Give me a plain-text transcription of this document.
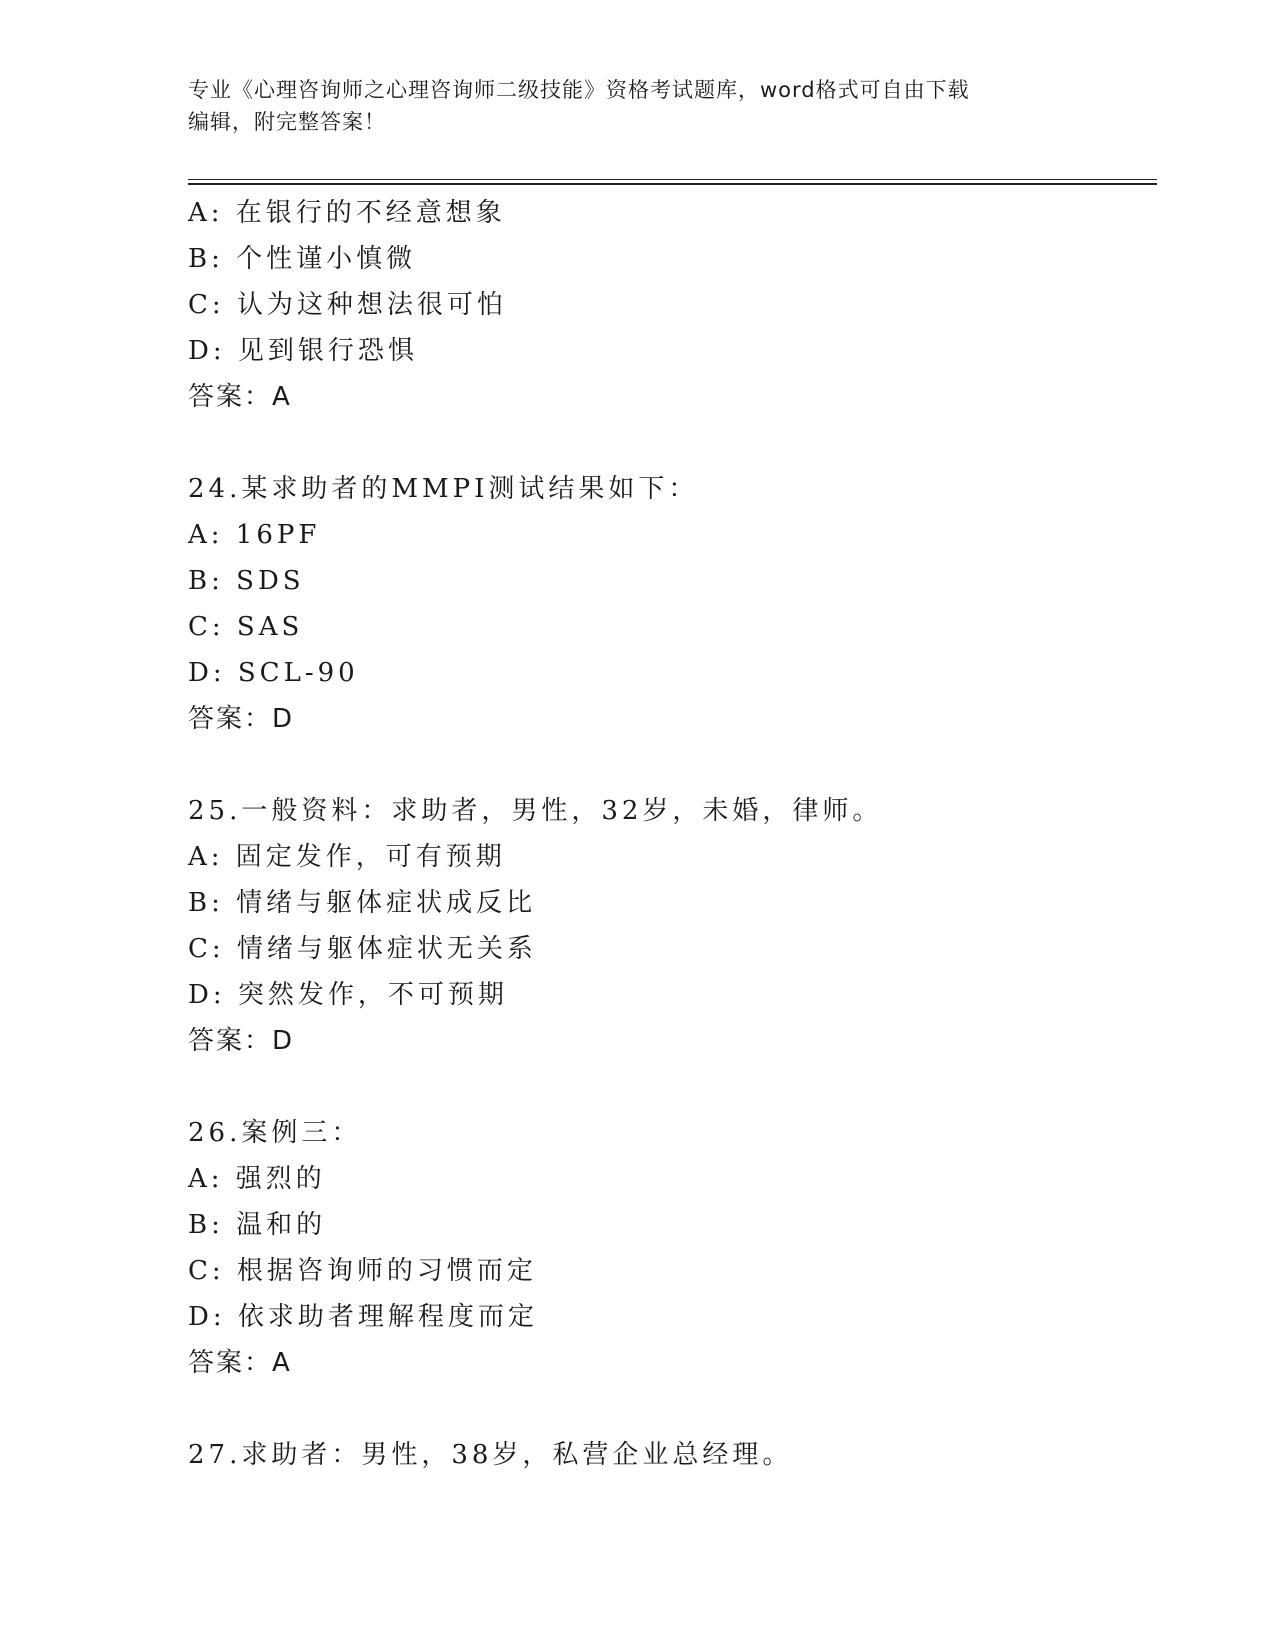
专业《心理咨询师之心理咨询师二级技能》资格考试题库，word格式可自由下载
编辑，附完整答案！
A: 在银行的不经意想象
B: 个性谨小慎微
C: 认为这种想法很可怕
D: 见到银行恐惧
答案：A
24.某求助者的MMPI测试结果如下：
A: 16PF
B: SDS
C: SAS
D: SCL-90
答案：D
25.一般资料：求助者，男性，32岁，未婚，律师。
A: 固定发作，可有预期
B: 情绪与躯体症状成反比
C: 情绪与躯体症状无关系
D: 突然发作，不可预期
答案：D
26.案例三：
A: 强烈的
B: 温和的
C: 根据咨询师的习惯而定
D: 依求助者理解程度而定
答案：A
27.求助者：男性，38岁，私营企业总经理。
